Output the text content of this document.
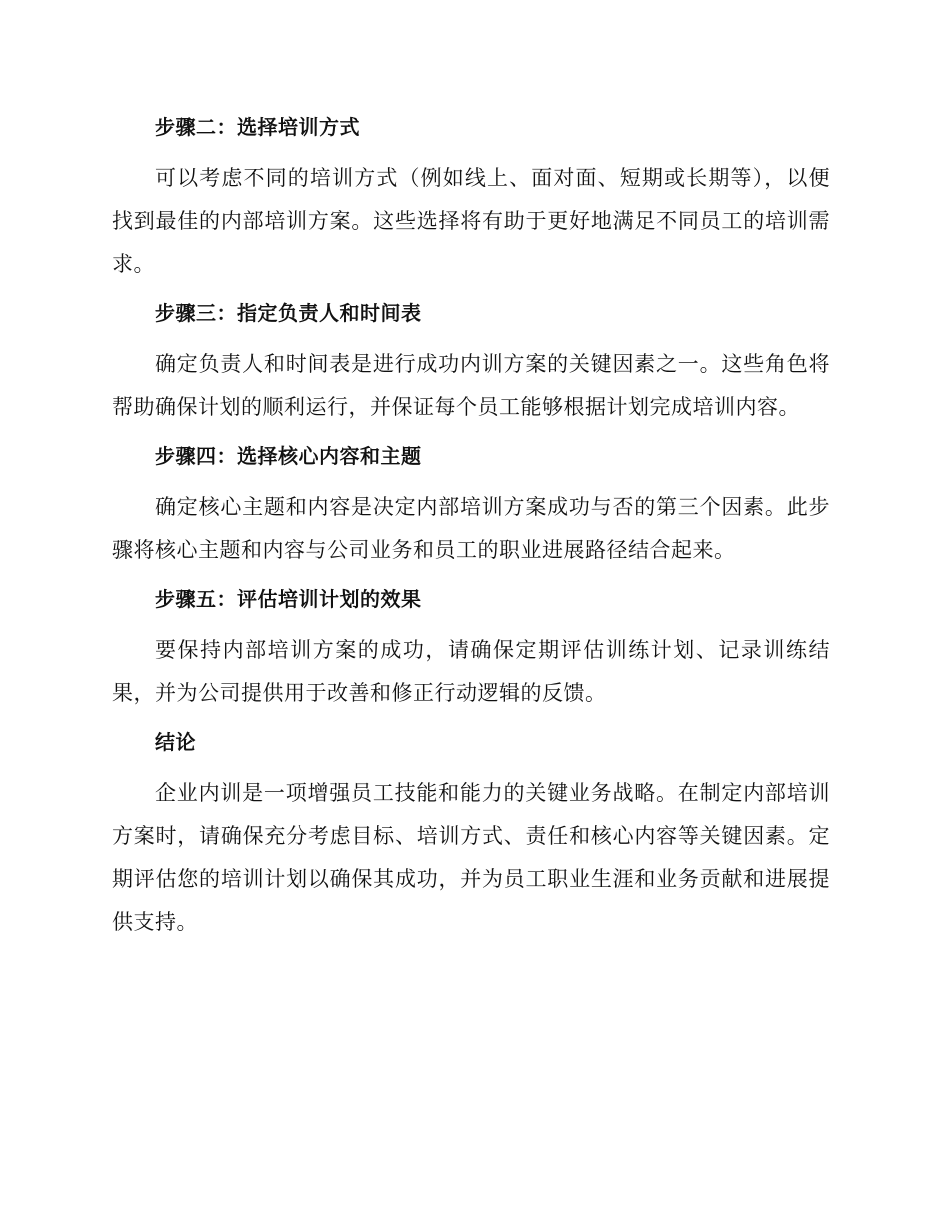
步骤二：选择培训方式

可以考虑不同的培训方式（例如线上、面对面、短期或长期等），以便找到最佳的内部培训方案。这些选择将有助于更好地满足不同员工的培训需求。

步骤三：指定负责人和时间表

确定负责人和时间表是进行成功内训方案的关键因素之一。这些角色将帮助确保计划的顺利运行，并保证每个员工能够根据计划完成培训内容。

步骤四：选择核心内容和主题

确定核心主题和内容是决定内部培训方案成功与否的第三个因素。此步骤将核心主题和内容与公司业务和员工的职业进展路径结合起来。

步骤五：评估培训计划的效果

要保持内部培训方案的成功，请确保定期评估训练计划、记录训练结果，并为公司提供用于改善和修正行动逻辑的反馈。

结论

企业内训是一项增强员工技能和能力的关键业务战略。在制定内部培训方案时，请确保充分考虑目标、培训方式、责任和核心内容等关键因素。定期评估您的培训计划以确保其成功，并为员工职业生涯和业务贡献和进展提供支持。
